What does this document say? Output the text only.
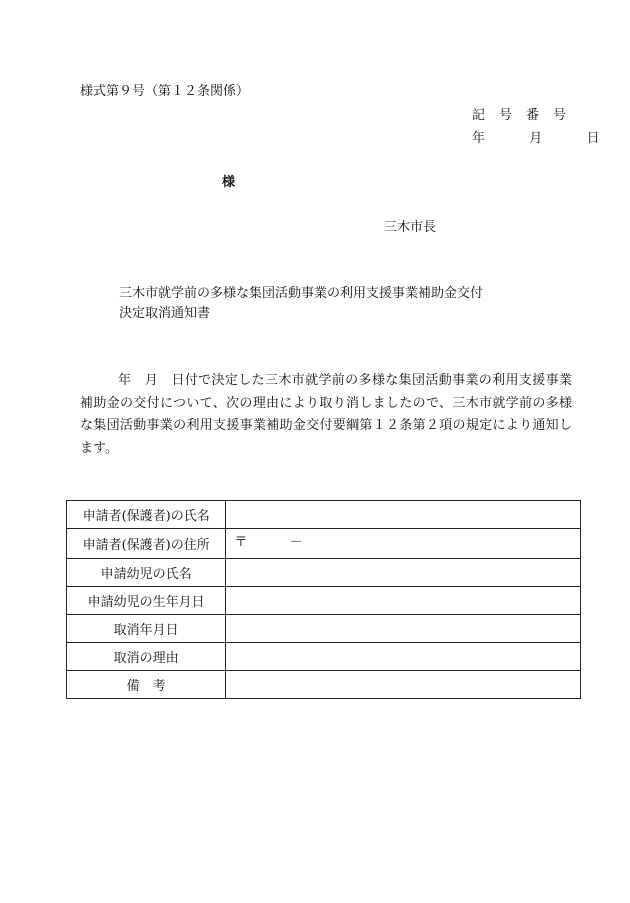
様式第９号（第１２条関係）
記号番号
年	月	日
様
三木市長
三木市就学前の多様な集団活動事業の利用支援事業補助金交付
決定取消通知書

年　月　日付で決定した三木市就学前の多様な集団活動事業の利用支援事業補助金の交付について、次の理由により取り消しましたので、三木市就学前の多様な集団活動事業の利用支援事業補助金交付要綱第１２条第２項の規定により通知します。

申請者(保護者)の氏名	
申請者(保護者)の住所	〒 －
申請幼児の氏名	
申請幼児の生年月日	
取消年月日	
取消の理由	
備　考	
